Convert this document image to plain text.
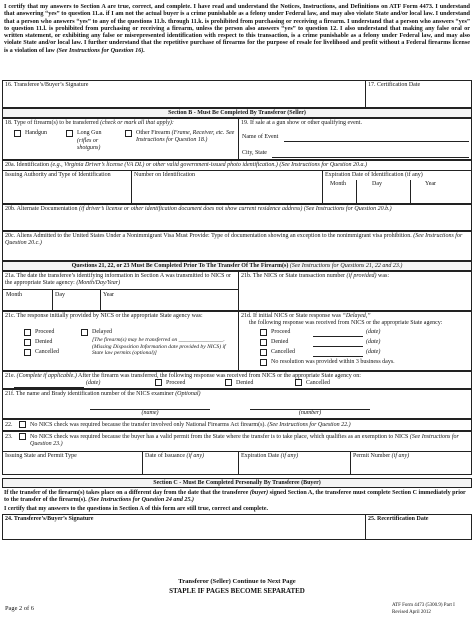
I certify that my answers to Section A are true, correct, and complete. I have read and understand the Notices, Instructions, and Definitions on ATF Form 4473. I understand that answering “yes” to question 11.a. if I am not the actual buyer is a crime punishable as a felony under Federal law, and may also violate State and/or local law. I understand that a person who answers “yes” to any of the questions 11.b. through 11.k. is prohibited from purchasing or receiving a firearm. I understand that a person who answers “yes” to question 11.l. is prohibited from purchasing or receiving a firearm, unless the person also answers “yes” to question 12. I also understand that making any false oral or written statement, or exhibiting any false or misrepresented identification with respect to this transaction, is a crime punishable as a felony under Federal law, and may also violate State and/or local law. I further understand that the repetitive purchase of firearms for the purpose of resale for livelihood and profit without a Federal firearms license is a violation of law (See Instructions for Question 16).
16. Transferee’s/Buyer’s Signature	17. Certification Date
Section B - Must Be Completed By Transferor (Seller)
18. Type of firearm(s) to be transferred (check or mark all that apply):
Handgun	Long Gun
(rifles or shotguns)
Other Firearm (Frame, Receiver, etc. See Instructions for Question 18.)
19. If sale at a gun show or other qualifying event.
Name of Event
City, State
20a. Identification (e.g., Virginia Driver’s license (VA DL) or other valid government-issued photo identification.) (See Instructions for Question 20.a.)
Issuing Authority and Type of Identification	Number on Identification	Expiration Date of Identification (if any)
Month	Day	Year
20b. Alternate Documentation (if driver’s license or other identification document does not show current residence address) (See Instructions for Question 20.b.)
20c. Aliens Admitted to the United States Under a Nonimmigrant Visa Must Provide: Type of documentation showing an exception to the nonimmigrant visa prohibition. (See Instructions for Question 20.c.)
Questions 21, 22, or 23 Must Be Completed Prior To The Transfer Of The Firearm(s) (See Instructions for Questions 21, 22 and 23.)
21a. The date the transferee’s identifying information in Section A was transmitted to NICS or the appropriate State agency: (Month/Day/Year)
Month	Day	Year
21b. The NICS or State transaction number (if provided) was:
21c. The response initially provided by NICS or the appropriate State agency was:
Proceed
Denied
Cancelled
Delayed
[The firearm(s) may be transferred on ________________.(Missing Disposition Information date provided by NICS) if State law permits (optional)]
21d. If initial NICS or State response was “Delayed,”
the following response was received from NICS or the appropriate State agency:
Proceed	(date)
Denied	(date)
Cancelled	(date)
No resolution was provided within 3 business days.
21e. (Complete if applicable.) After the firearm was transferred, the following response was received from NICS or the appropriate State agency on:
(date)	Proceed	Denied	Cancelled
21f. The name and Brady identification number of the NICS examiner (Optional)
(name)	(number)
22.	No NICS check was required because the transfer involved only National Firearms Act firearm(s). (See Instructions for Question 22.)
23.	No NICS check was required because the buyer has a valid permit from the State where the transfer is to take place, which qualifies as an exemption to NICS (See Instructions for Question 23.)
Issuing State and Permit Type	Date of Issuance (if any)	Expiration Date (if any)	Permit Number (if any)
Section C - Must Be Completed Personally By Transferee (Buyer)
If the transfer of the firearm(s) takes place on a different day from the date that the transferee (buyer) signed Section A, the transferee must complete Section C immediately prior to the transfer of the firearm(s). (See Instructions for Question 24 and 25.)
I certify that my answers to the questions in Section A of this form are still true, correct and complete.
24. Transferee’s/Buyer’s Signature	25. Recertification Date
Transferor (Seller) Continue to Next Page
STAPLE IF PAGES BECOME SEPARATED
Page 2 of 6	ATF Form 4473 (5300.9) Part I
Revised April 2012
